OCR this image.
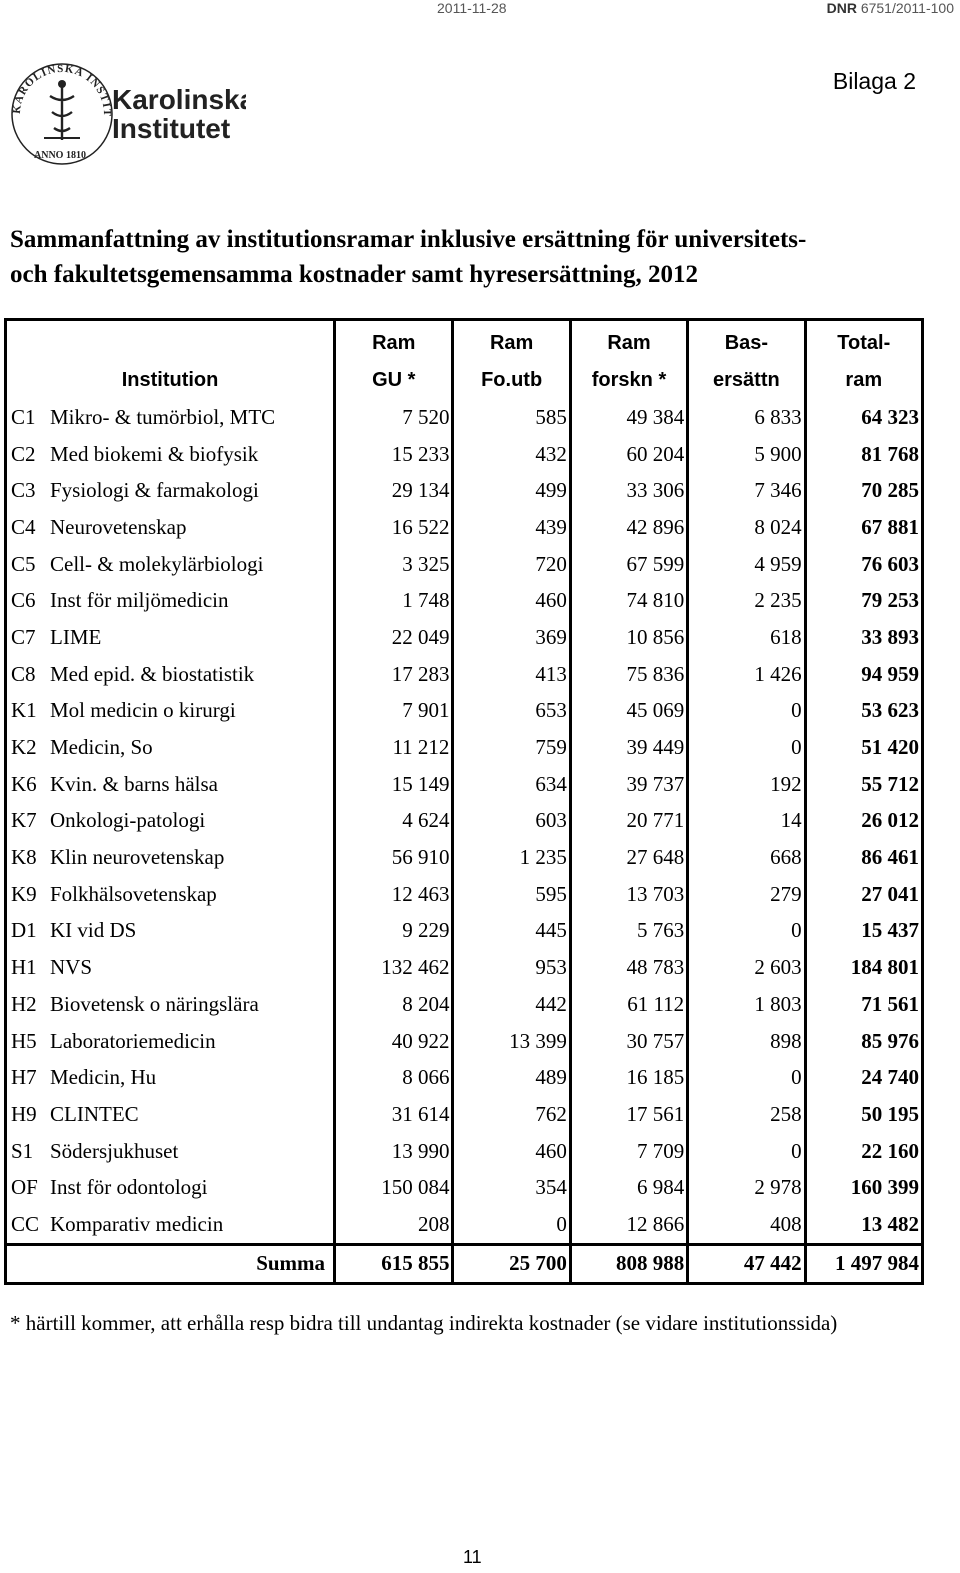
2011-11-28	DNR 6751/2011-100
KAROLINSKA INSTIT
ANNO 1810
Karolinska
Institutet
Bilaga 2
Sammanfattning av institutionsramar inklusive ersättning för universitets-
och fakultetsgemensamma kostnader samt hyresersättning, 2012
	Ram	Ram	Ram	Bas-	Total-
Institution	GU *	Fo.utb	forskn *	ersättn	ram
C1 Mikro- & tumörbiol, MTC	7 520	585	49 384	6 833	64 323
C2 Med biokemi & biofysik	15 233	432	60 204	5 900	81 768
C3 Fysiologi & farmakologi	29 134	499	33 306	7 346	70 285
C4 Neurovetenskap	16 522	439	42 896	8 024	67 881
C5 Cell- & molekylärbiologi	3 325	720	67 599	4 959	76 603
C6 Inst för miljömedicin	1 748	460	74 810	2 235	79 253
C7 LIME	22 049	369	10 856	618	33 893
C8 Med epid. & biostatistik	17 283	413	75 836	1 426	94 959
K1 Mol medicin o kirurgi	7 901	653	45 069	0	53 623
K2 Medicin, So	11 212	759	39 449	0	51 420
K6 Kvin. & barns hälsa	15 149	634	39 737	192	55 712
K7 Onkologi-patologi	4 624	603	20 771	14	26 012
K8 Klin neurovetenskap	56 910	1 235	27 648	668	86 461
K9 Folkhälsovetenskap	12 463	595	13 703	279	27 041
D1 KI vid DS	9 229	445	5 763	0	15 437
H1 NVS	132 462	953	48 783	2 603	184 801
H2 Biovetensk o näringslära	8 204	442	61 112	1 803	71 561
H5 Laboratoriemedicin	40 922	13 399	30 757	898	85 976
H7 Medicin, Hu	8 066	489	16 185	0	24 740
H9 CLINTEC	31 614	762	17 561	258	50 195
S1 Södersjukhuset	13 990	460	7 709	0	22 160
OF Inst för odontologi	150 084	354	6 984	2 978	160 399
CC Komparativ medicin	208	0	12 866	408	13 482
Summa	615 855	25 700	808 988	47 442	1 497 984
* härtill kommer, att erhålla resp bidra till undantag indirekta kostnader (se vidare institutionssida)
11
